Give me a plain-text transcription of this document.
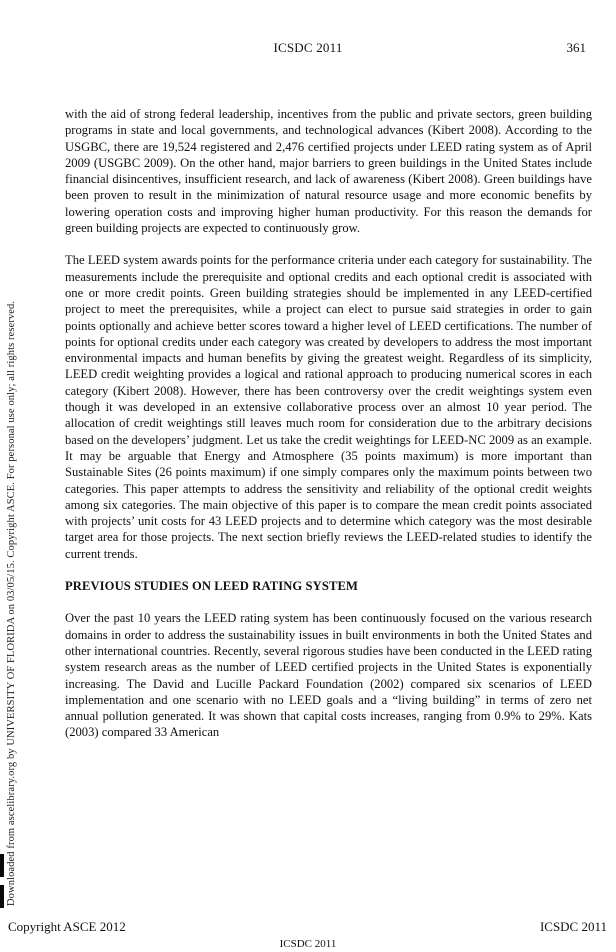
ICSDC 2011	361
Downloaded from ascelibrary.org by UNIVERSITY OF FLORIDA on 03/05/15. Copyright ASCE. For personal use only; all rights reserved.

with the aid of strong federal leadership, incentives from the public and private sectors, green building programs in state and local governments, and technological advances (Kibert 2008). According to the USGBC, there are 19,524 registered and 2,476 certified projects under LEED rating system as of April 2009 (USGBC 2009). On the other hand, major barriers to green buildings in the United States include financial disincentives, insufficient research, and lack of awareness (Kibert 2008). Green buildings have been proven to result in the minimization of natural resource usage and more economic benefits by lowering operation costs and improving higher human productivity. For this reason the demands for green building projects are expected to continuously grow.

The LEED system awards points for the performance criteria under each category for sustainability. The measurements include the prerequisite and optional credits and each optional credit is associated with one or more credit points. Green building strategies should be implemented in any LEED-certified project to meet the prerequisites, while a project can elect to pursue said strategies in order to gain points optionally and achieve better scores toward a higher level of LEED certifications. The number of points for optional credits under each category was created by developers to address the most important environmental impacts and human benefits by giving the greatest weight. Regardless of its simplicity, LEED credit weighting provides a logical and rational approach to producing numerical scores in each category (Kibert 2008). However, there has been controversy over the credit weightings system even though it was developed in an extensive collaborative process over an almost 10 year period. The allocation of credit weightings still leaves much room for consideration due to the arbitrary decisions based on the developers’ judgment. Let us take the credit weightings for LEED-NC 2009 as an example. It may be arguable that Energy and Atmosphere (35 points maximum) is more important than Sustainable Sites (26 points maximum) if one simply compares only the maximum points between two categories. This paper attempts to address the sensitivity and reliability of the optional credit weights among six categories. The main objective of this paper is to compare the mean credit points associated with projects’ unit costs for 43 LEED projects and to determine which category was the most desirable target area for those projects. The next section briefly reviews the LEED-related studies to identify the current trends.

PREVIOUS STUDIES ON LEED RATING SYSTEM

Over the past 10 years the LEED rating system has been continuously focused on the various research domains in order to address the sustainability issues in built environments in both the United States and other international countries. Recently, several rigorous studies have been conducted in the LEED rating system research areas as the number of LEED certified projects in the United States is exponentially increasing. The David and Lucille Packard Foundation (2002) compared six scenarios of LEED implementation and one scenario with no LEED goals and a “living building” in terms of zero net annual pollution generated. It was shown that capital costs increases, ranging from 0.9% to 29%. Kats (2003) compared 33 American

Copyright ASCE 2012	ICSDC 2011
ICSDC 2011
